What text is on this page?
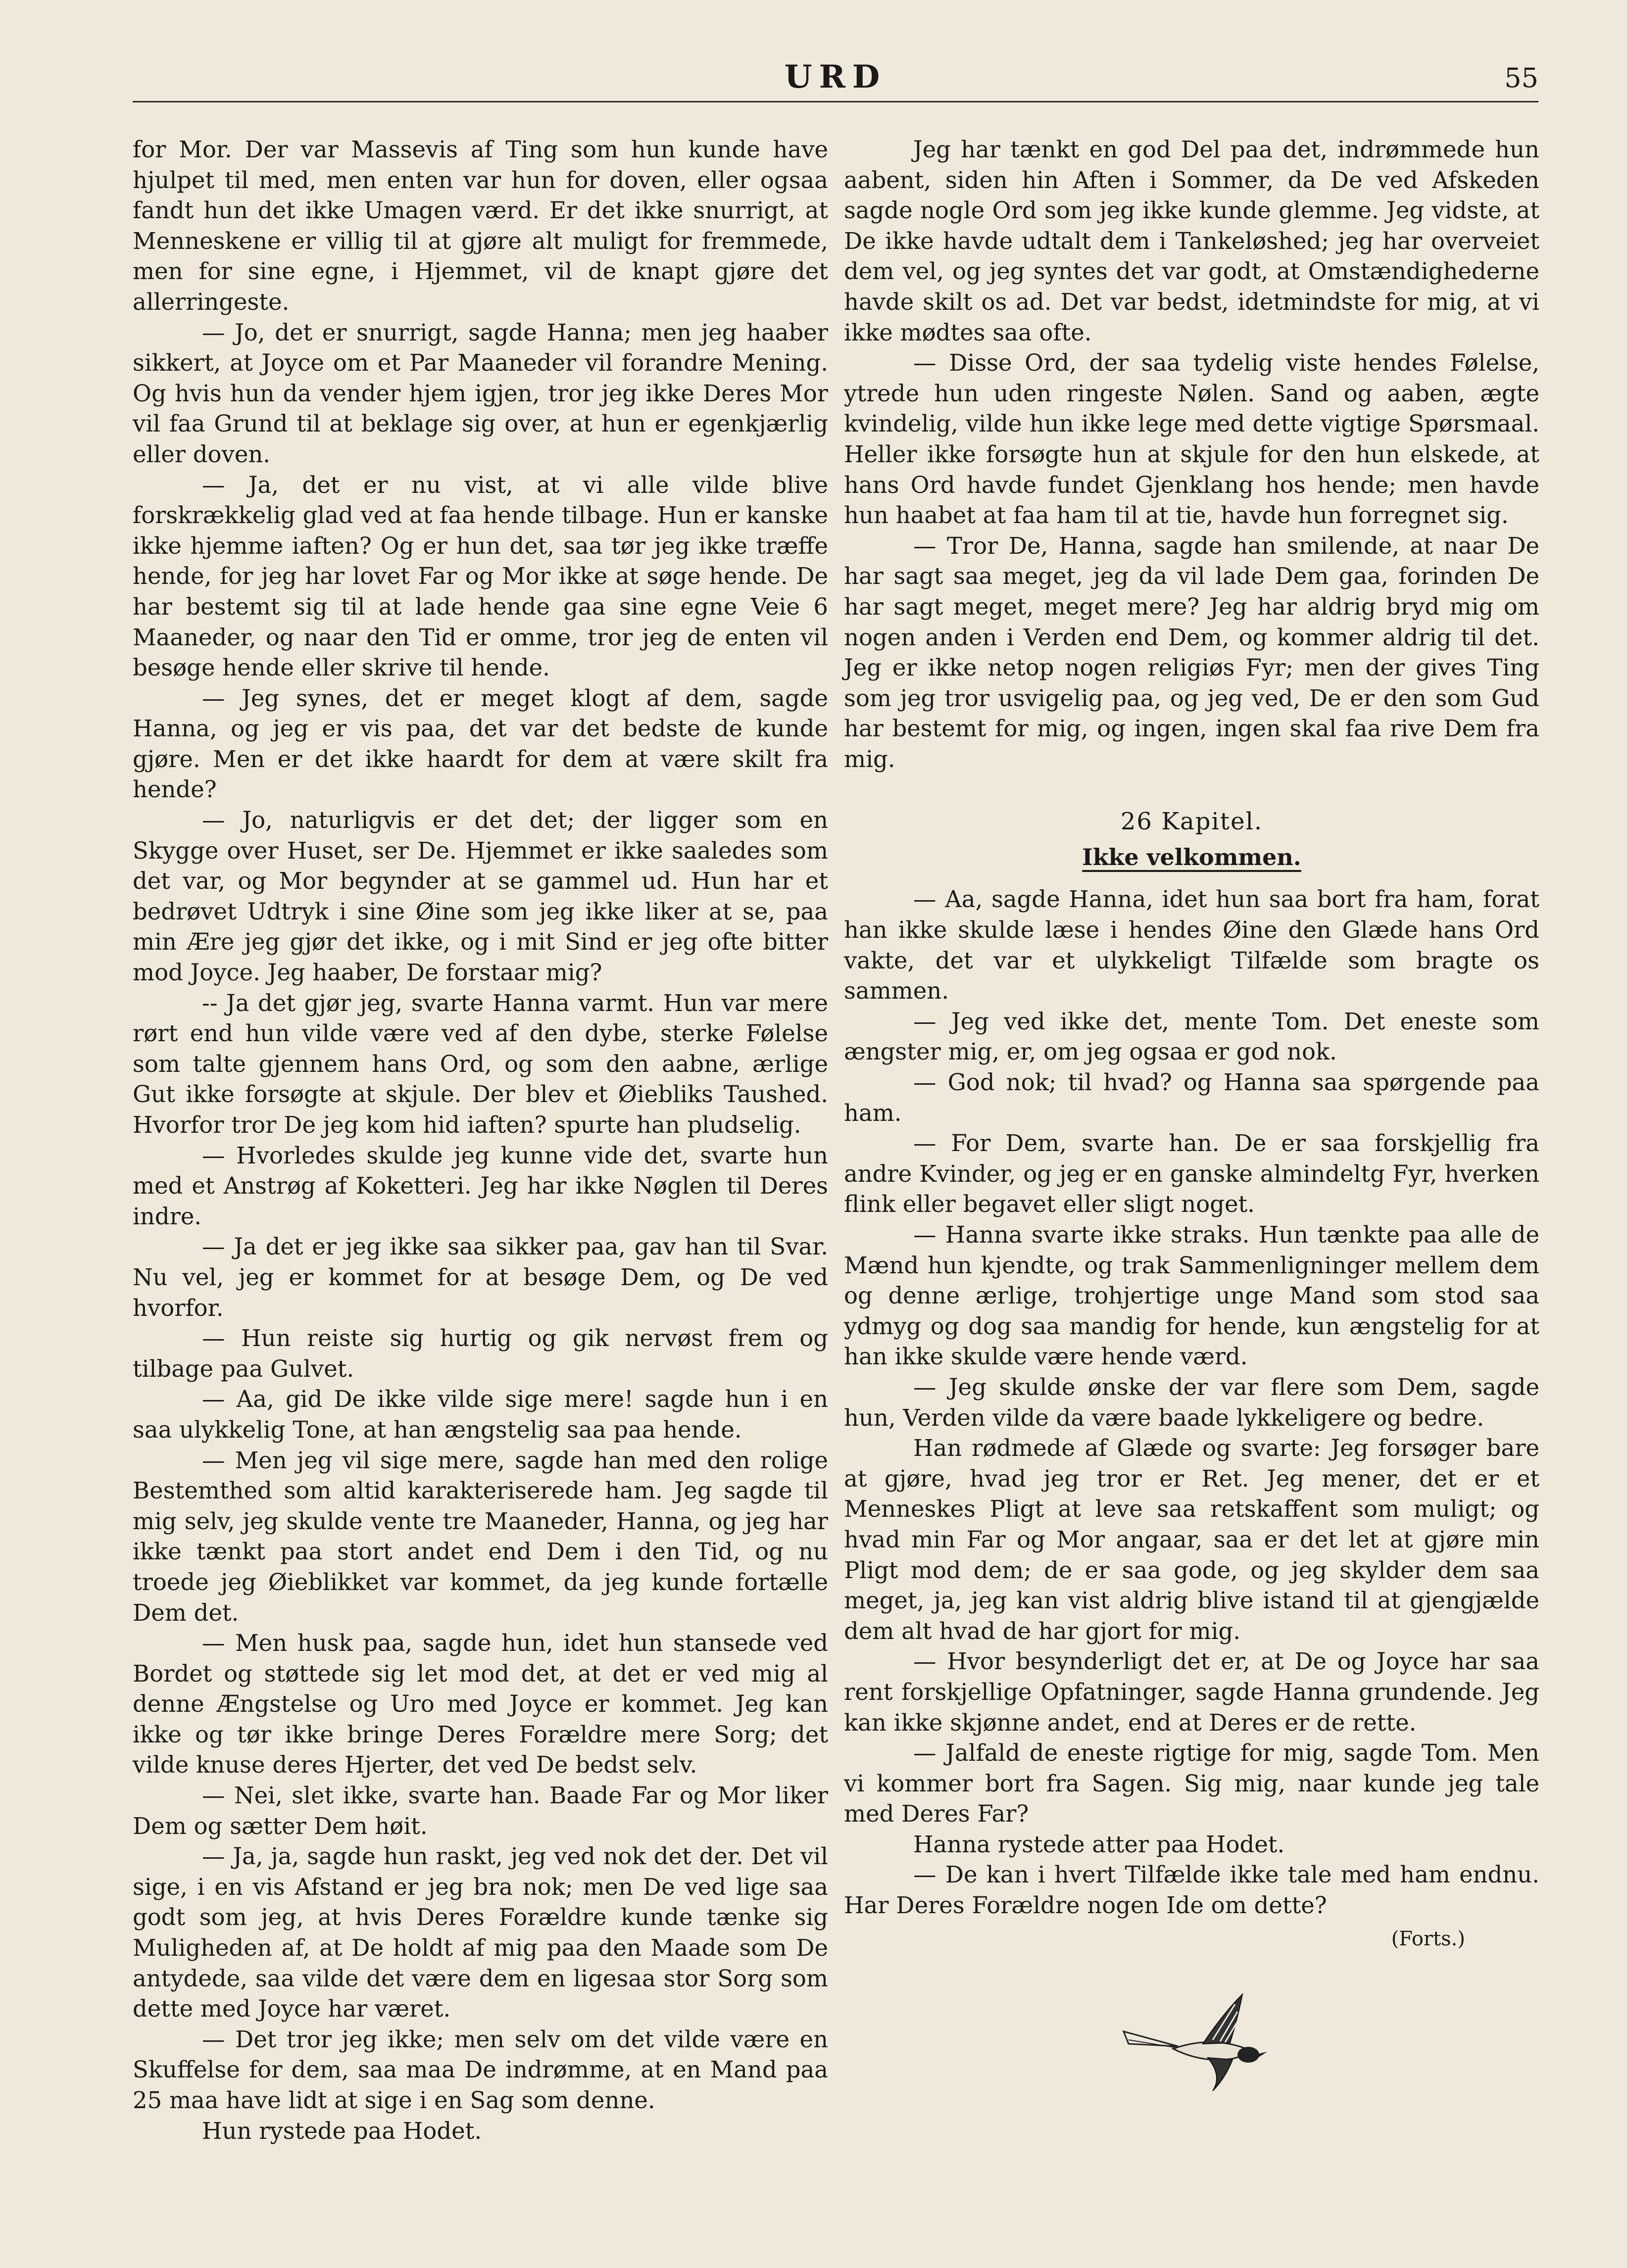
URD	55

for Mor. Der var Massevis af Ting som hun kunde have hjulpet til med, men enten var hun for doven, eller ogsaa fandt hun det ikke Umagen værd. Er det ikke snurrigt, at Menneskene er villig til at gjøre alt muligt for fremmede, men for sine egne, i Hjemmet, vil de knapt gjøre det allerringeste.

— Jo, det er snurrigt, sagde Hanna; men jeg haaber sikkert, at Joyce om et Par Maaneder vil forandre Mening. Og hvis hun da vender hjem igjen, tror jeg ikke Deres Mor vil faa Grund til at beklage sig over, at hun er egenkjærlig eller doven.

— Ja, det er nu vist, at vi alle vilde blive forskrækkelig glad ved at faa hende tilbage. Hun er kanske ikke hjemme iaften? Og er hun det, saa tør jeg ikke træffe hende, for jeg har lovet Far og Mor ikke at søge hende. De har bestemt sig til at lade hende gaa sine egne Veie 6 Maaneder, og naar den Tid er omme, tror jeg de enten vil besøge hende eller skrive til hende.

— Jeg synes, det er meget klogt af dem, sagde Hanna, og jeg er vis paa, det var det bedste de kunde gjøre. Men er det ikke haardt for dem at være skilt fra hende?

— Jo, naturligvis er det det; der ligger som en Skygge over Huset, ser De. Hjemmet er ikke saaledes som det var, og Mor begynder at se gammel ud. Hun har et bedrøvet Udtryk i sine Øine som jeg ikke liker at se, paa min Ære jeg gjør det ikke, og i mit Sind er jeg ofte bitter mod Joyce. Jeg haaber, De forstaar mig?

-- Ja det gjør jeg, svarte Hanna varmt. Hun var mere rørt end hun vilde være ved af den dybe, sterke Følelse som talte gjennem hans Ord, og som den aabne, ærlige Gut ikke forsøgte at skjule. Der blev et Øiebliks Taushed. Hvorfor tror De jeg kom hid iaften? spurte han pludselig.

— Hvorledes skulde jeg kunne vide det, svarte hun med et Anstrøg af Koketteri. Jeg har ikke Nøglen til Deres indre.

— Ja det er jeg ikke saa sikker paa, gav han til Svar. Nu vel, jeg er kommet for at besøge Dem, og De ved hvorfor.

— Hun reiste sig hurtig og gik nervøst frem og tilbage paa Gulvet.

— Aa, gid De ikke vilde sige mere! sagde hun i en saa ulykkelig Tone, at han ængstelig saa paa hende.

— Men jeg vil sige mere, sagde han med den rolige Bestemthed som altid karakteriserede ham. Jeg sagde til mig selv, jeg skulde vente tre Maaneder, Hanna, og jeg har ikke tænkt paa stort andet end Dem i den Tid, og nu troede jeg Øieblikket var kommet, da jeg kunde fortælle Dem det.

— Men husk paa, sagde hun, idet hun stansede ved Bordet og støttede sig let mod det, at det er ved mig al denne Ængstelse og Uro med Joyce er kommet. Jeg kan ikke og tør ikke bringe Deres Forældre mere Sorg; det vilde knuse deres Hjerter, det ved De bedst selv.

— Nei, slet ikke, svarte han. Baade Far og Mor liker Dem og sætter Dem høit.

— Ja, ja, sagde hun raskt, jeg ved nok det der. Det vil sige, i en vis Afstand er jeg bra nok; men De ved lige saa godt som jeg, at hvis Deres Forældre kunde tænke sig Muligheden af, at De holdt af mig paa den Maade som De antydede, saa vilde det være dem en ligesaa stor Sorg som dette med Joyce har været.

— Det tror jeg ikke; men selv om det vilde være en Skuffelse for dem, saa maa De indrømme, at en Mand paa 25 maa have lidt at sige i en Sag som denne.

Hun rystede paa Hodet.

Jeg har tænkt en god Del paa det, indrømmede hun aabent, siden hin Aften i Sommer, da De ved Afskeden sagde nogle Ord som jeg ikke kunde glemme. Jeg vidste, at De ikke havde udtalt dem i Tankeløshed; jeg har overveiet dem vel, og jeg syntes det var godt, at Omstændighederne havde skilt os ad. Det var bedst, idetmindste for mig, at vi ikke mødtes saa ofte.

— Disse Ord, der saa tydelig viste hendes Følelse, ytrede hun uden ringeste Nølen. Sand og aaben, ægte kvindelig, vilde hun ikke lege med dette vigtige Spørsmaal. Heller ikke forsøgte hun at skjule for den hun elskede, at hans Ord havde fundet Gjenklang hos hende; men havde hun haabet at faa ham til at tie, havde hun forregnet sig.

— Tror De, Hanna, sagde han smilende, at naar De har sagt saa meget, jeg da vil lade Dem gaa, forinden De har sagt meget, meget mere? Jeg har aldrig bryd mig om nogen anden i Verden end Dem, og kommer aldrig til det. Jeg er ikke netop nogen religiøs Fyr; men der gives Ting som jeg tror usvigelig paa, og jeg ved, De er den som Gud har bestemt for mig, og ingen, ingen skal faa rive Dem fra mig.

26 Kapitel.
Ikke velkommen.

— Aa, sagde Hanna, idet hun saa bort fra ham, forat han ikke skulde læse i hendes Øine den Glæde hans Ord vakte, det var et ulykkeligt Tilfælde som bragte os sammen.

— Jeg ved ikke det, mente Tom. Det eneste som ængster mig, er, om jeg ogsaa er god nok.

— God nok; til hvad? og Hanna saa spørgende paa ham.

— For Dem, svarte han. De er saa forskjellig fra andre Kvinder, og jeg er en ganske almindeltg Fyr, hverken flink eller begavet eller sligt noget.

— Hanna svarte ikke straks. Hun tænkte paa alle de Mænd hun kjendte, og trak Sammenligninger mellem dem og denne ærlige, trohjertige unge Mand som stod saa ydmyg og dog saa mandig for hende, kun ængstelig for at han ikke skulde være hende værd.

— Jeg skulde ønske der var flere som Dem, sagde hun, Verden vilde da være baade lykkeligere og bedre.

Han rødmede af Glæde og svarte: Jeg forsøger bare at gjøre, hvad jeg tror er Ret. Jeg mener, det er et Menneskes Pligt at leve saa retskaffent som muligt; og hvad min Far og Mor angaar, saa er det let at gjøre min Pligt mod dem; de er saa gode, og jeg skylder dem saa meget, ja, jeg kan vist aldrig blive istand til at gjengjælde dem alt hvad de har gjort for mig.

— Hvor besynderligt det er, at De og Joyce har saa rent forskjellige Opfatninger, sagde Hanna grundende. Jeg kan ikke skjønne andet, end at Deres er de rette.

— Jalfald de eneste rigtige for mig, sagde Tom. Men vi kommer bort fra Sagen. Sig mig, naar kunde jeg tale med Deres Far?

Hanna rystede atter paa Hodet.

— De kan i hvert Tilfælde ikke tale med ham endnu. Har Deres Forældre nogen Ide om dette?

(Forts.)
